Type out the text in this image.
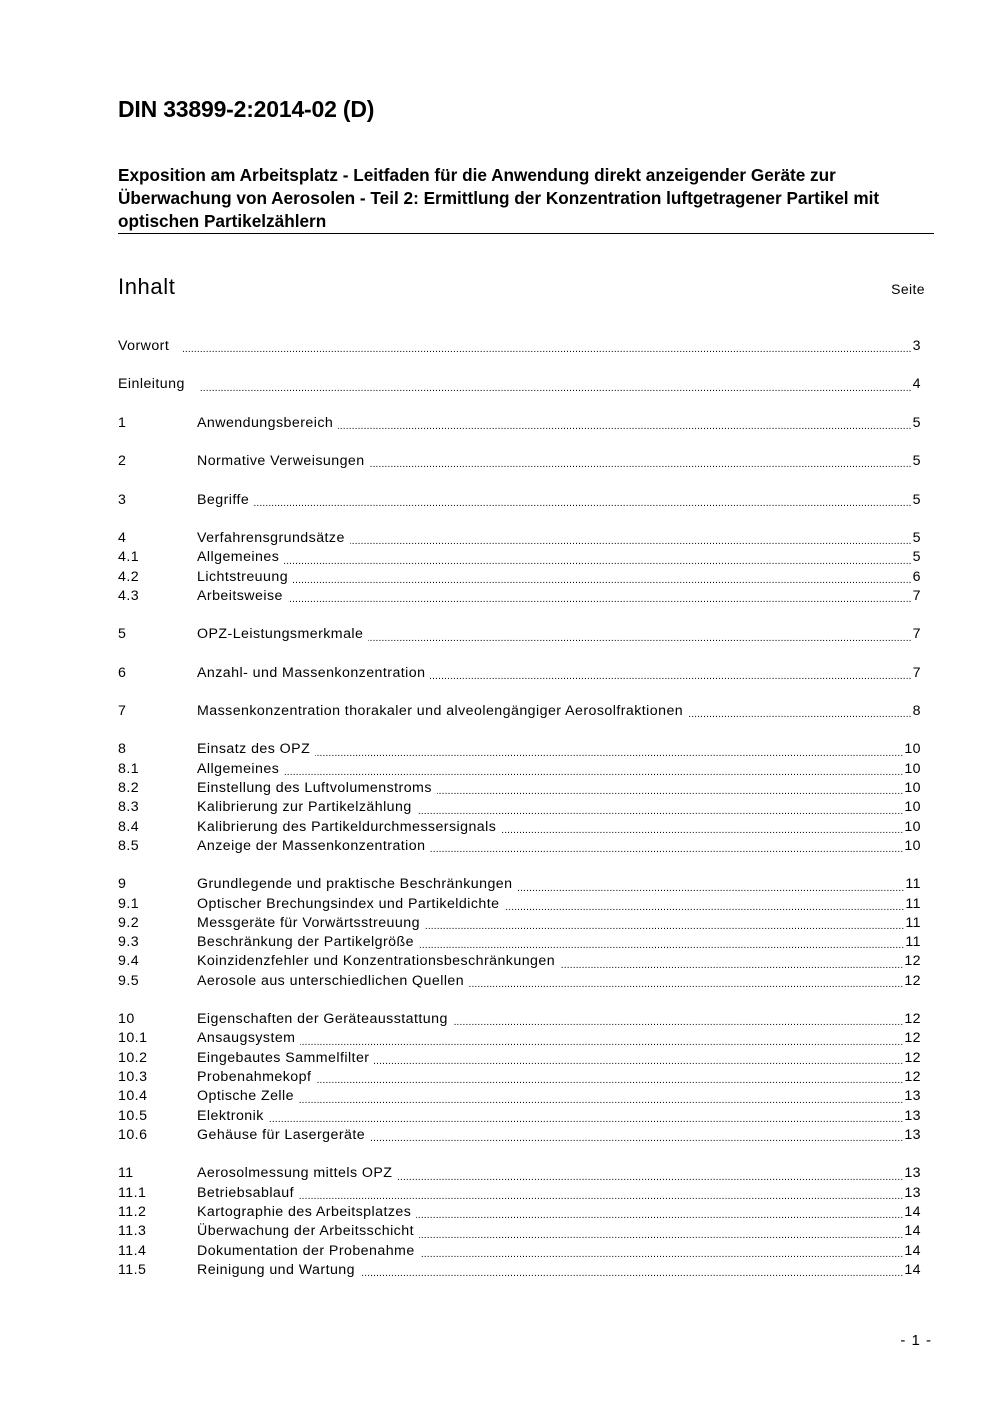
DIN 33899-2:2014-02 (D)
Exposition am Arbeitsplatz - Leitfaden für die Anwendung direkt anzeigender Geräte zur Überwachung von Aerosolen - Teil 2: Ermittlung der Konzentration luftgetragener Partikel mit optischen Partikelzählern
Inhalt	Seite
Vorwort .....	3
Einleitung .....	4
1	Anwendungsbereich .....	5
2	Normative Verweisungen .....	5
3	Begriffe .....	5
4	Verfahrensgrundsätze .....	5
4.1	Allgemeines .....	5
4.2	Lichtstreuung .....	6
4.3	Arbeitsweise .....	7
5	OPZ-Leistungsmerkmale .....	7
6	Anzahl- und Massenkonzentration .....	7
7	Massenkonzentration thorakaler und alveolengängiger Aerosolfraktionen .....	8
8	Einsatz des OPZ .....	10
8.1	Allgemeines .....	10
8.2	Einstellung des Luftvolumenstroms .....	10
8.3	Kalibrierung zur Partikelzählung .....	10
8.4	Kalibrierung des Partikeldurchmessersignals .....	10
8.5	Anzeige der Massenkonzentration .....	10
9	Grundlegende und praktische Beschränkungen .....	11
9.1	Optischer Brechungsindex und Partikeldichte .....	11
9.2	Messgeräte für Vorwärtsstreuung .....	11
9.3	Beschränkung der Partikelgröße .....	11
9.4	Koinzidenzfehler und Konzentrationsbeschränkungen .....	12
9.5	Aerosole aus unterschiedlichen Quellen .....	12
10	Eigenschaften der Geräteausstattung .....	12
10.1	Ansaugsystem .....	12
10.2	Eingebautes Sammelfilter .....	12
10.3	Probenahmekopf .....	12
10.4	Optische Zelle .....	13
10.5	Elektronik .....	13
10.6	Gehäuse für Lasergeräte .....	13
11	Aerosolmessung mittels OPZ .....	13
11.1	Betriebsablauf .....	13
11.2	Kartographie des Arbeitsplatzes .....	14
11.3	Überwachung der Arbeitsschicht .....	14
11.4	Dokumentation der Probenahme .....	14
11.5	Reinigung und Wartung .....	14
- 1 -
